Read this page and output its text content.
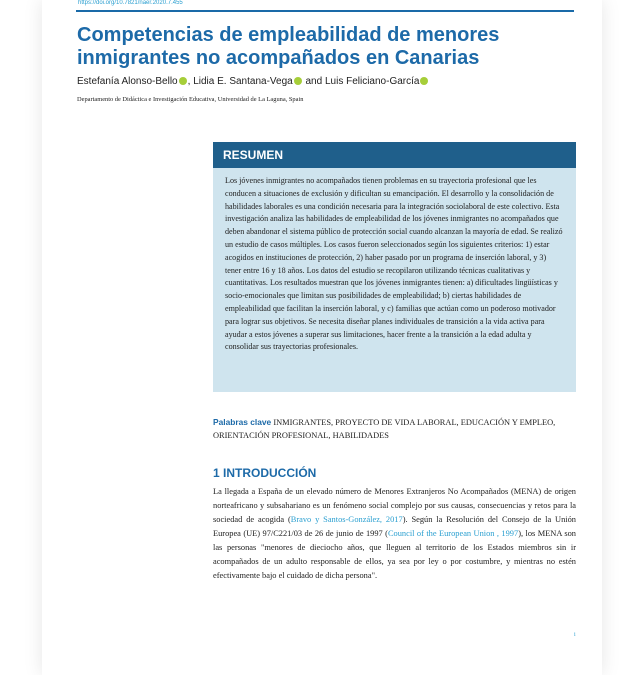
https://doi.org/10.7821/naer.2020.7.455
Competencias de empleabilidad de menores inmigrantes no acompañados en Canarias

Estefanía Alonso-Bello , Lidia E. Santana-Vega and Luis Feliciano-García

Departamento de Didáctica e Investigación Educativa, Universidad de La Laguna, Spain

RESUMEN

Los jóvenes inmigrantes no acompañados tienen problemas en su trayectoria profesional que les conducen a situaciones de exclusión y dificultan su emancipación. El desarrollo y la consolidación de habilidades laborales es una condición necesaria para la integración sociolaboral de este colectivo. Esta investigación analiza las habilidades de empleabilidad de los jóvenes inmigrantes no acompañados que deben abandonar el sistema público de protección social cuando alcanzan la mayoría de edad. Se realizó un estudio de casos múltiples. Los casos fueron seleccionados según los siguientes criterios: 1) estar acogidos en instituciones de protección, 2) haber pasado por un programa de inserción laboral, y 3) tener entre 16 y 18 años. Los datos del estudio se recopilaron utilizando técnicas cualitativas y cuantitativas. Los resultados muestran que los jóvenes inmigrantes tienen: a) dificultades lingüísticas y socio-emocionales que limitan sus posibilidades de empleabilidad; b) ciertas habilidades de empleabilidad que facilitan la inserción laboral, y c) familias que actúan como un poderoso motivador para lograr sus objetivos. Se necesita diseñar planes individuales de transición a la vida activa para ayudar a estos jóvenes a superar sus limitaciones, hacer frente a la transición a la edad adulta y consolidar sus trayectorias profesionales.

Palabras clave INMIGRANTES, PROYECTO DE VIDA LABORAL, EDUCACIÓN Y EMPLEO, ORIENTACIÓN PROFESIONAL, HABILIDADES

1 INTRODUCCIÓN

La llegada a España de un elevado número de Menores Extranjeros No Acompañados (MENA) de origen norteafricano y subsahariano es un fenómeno social complejo por sus causas, consecuencias y retos para la sociedad de acogida (Bravo y Santos-González, 2017). Según la Resolución del Consejo de la Unión Europea (UE) 97/C221/03 de 26 de junio de 1997 (Council of the European Union , 1997), los MENA son las personas "menores de dieciocho años, que lleguen al territorio de los Estados miembros sin ir acompañados de un adulto responsable de ellos, ya sea por ley o por costumbre, y mientras no estén efectivamente bajo el cuidado de dicha persona".

i
